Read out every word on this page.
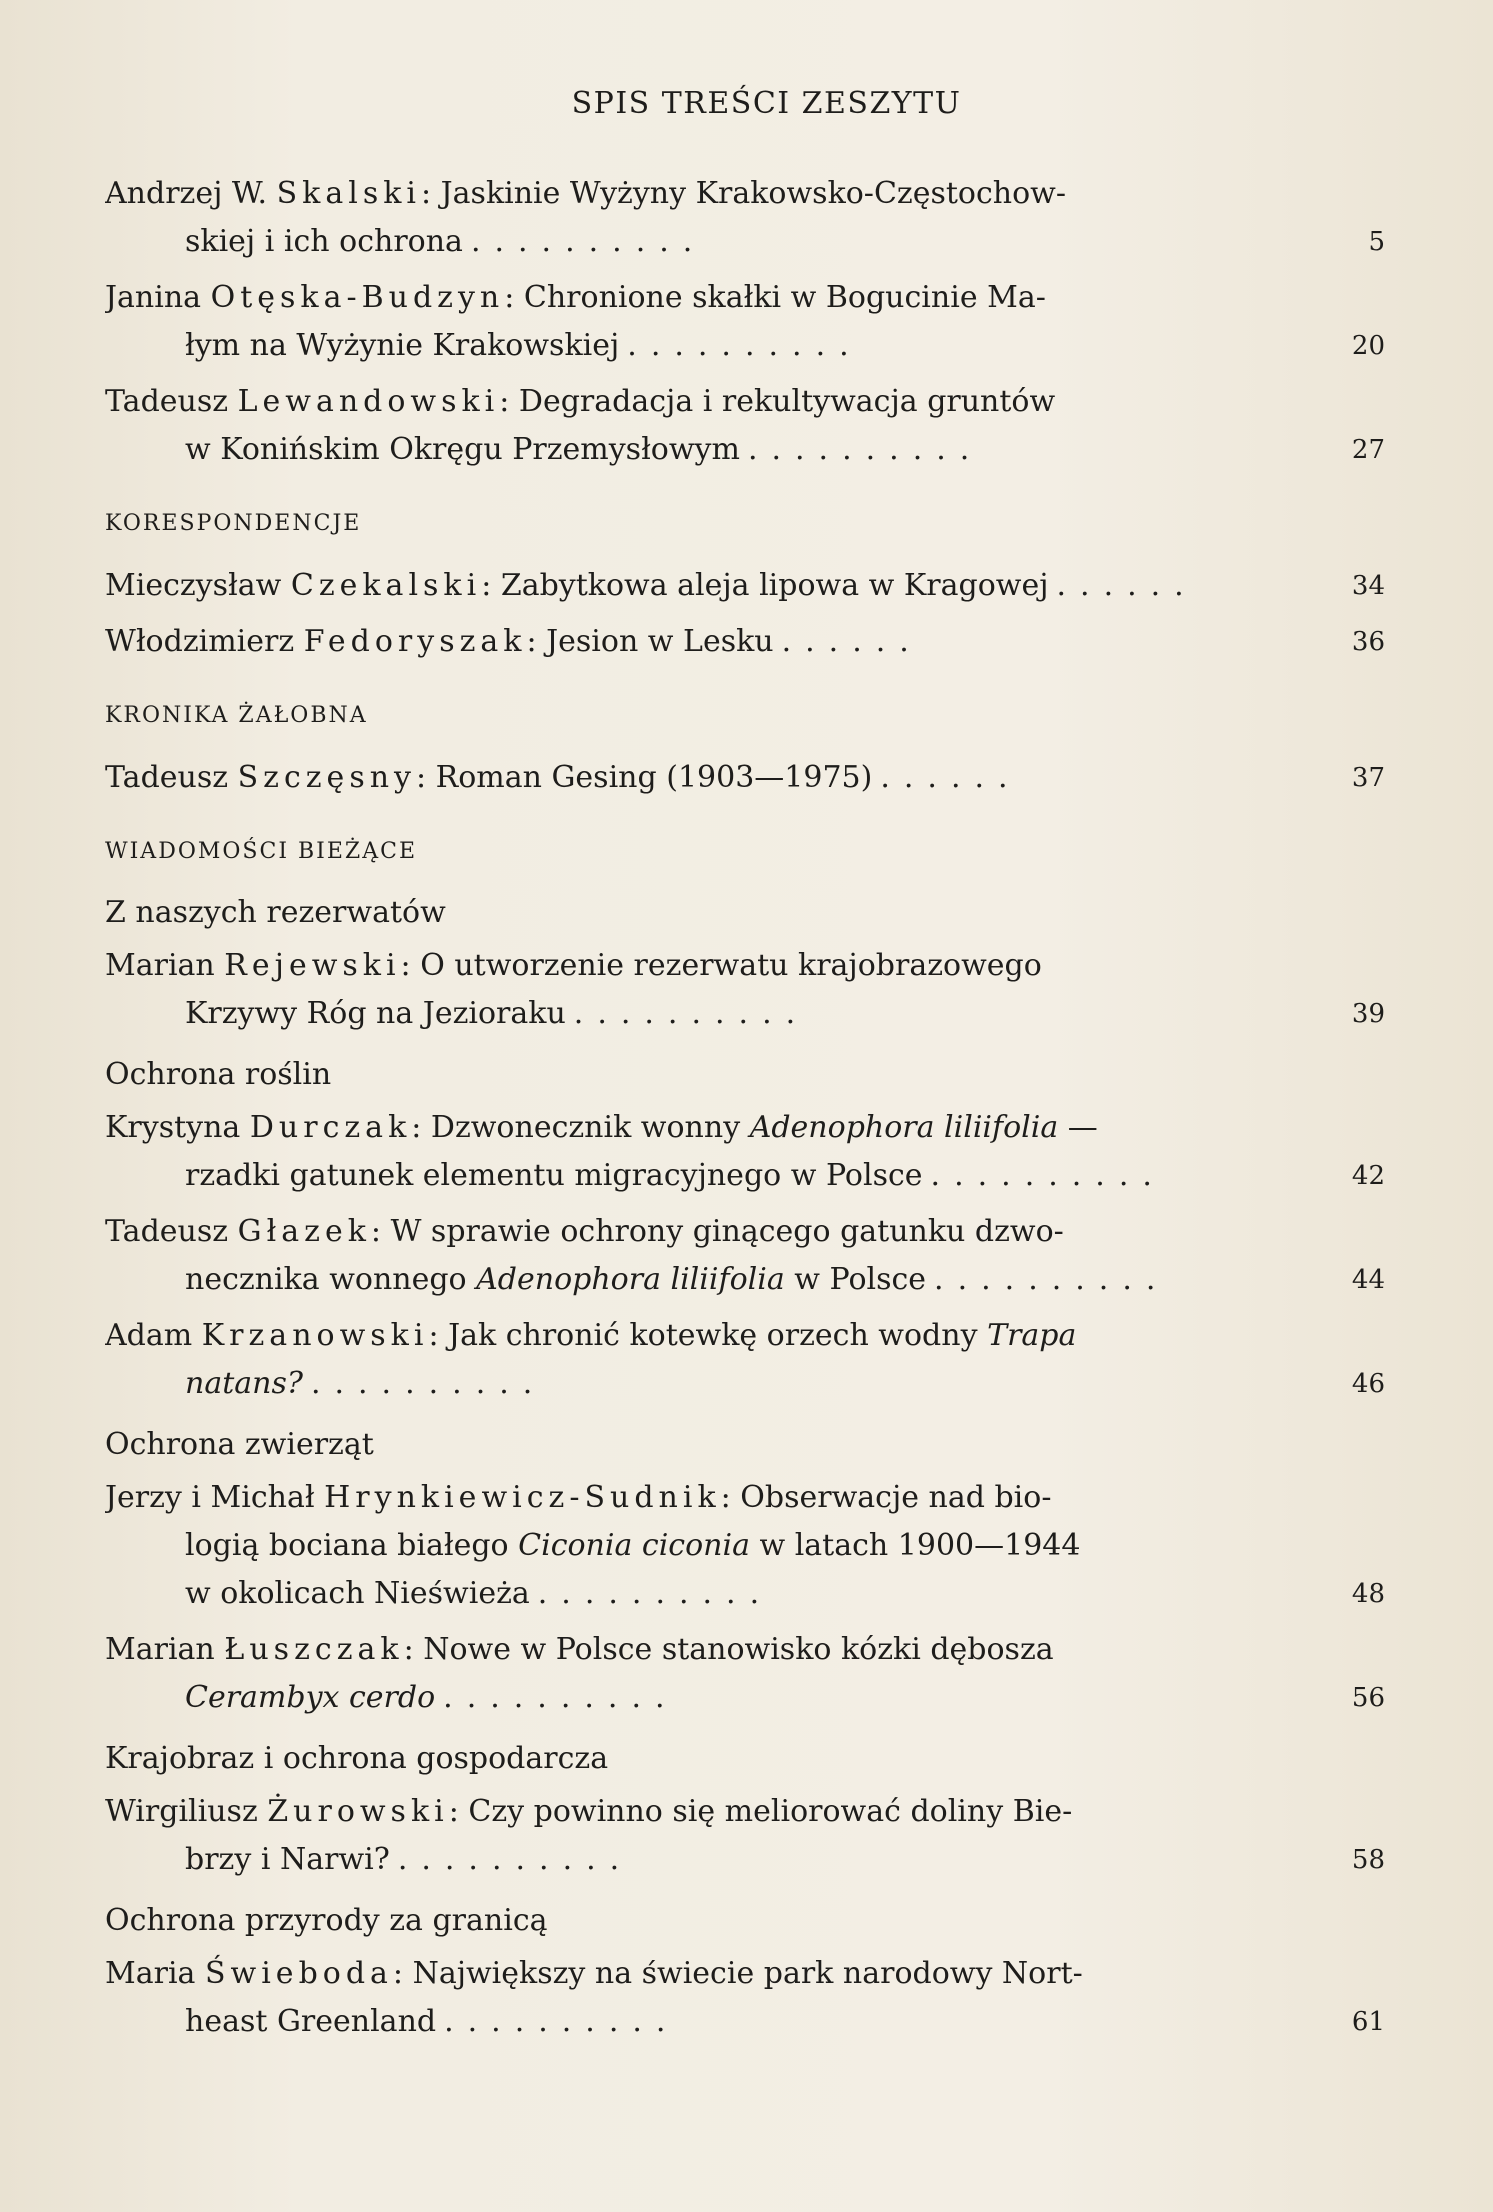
SPIS TREŚCI ZESZYTU
Andrzej W. Skalski: Jaskinie Wyżyny Krakowsko-Częstochow-
skiej i ich ochrona ..........	5
Janina Otęska-Budzyn: Chronione skałki w Bogucinie Ma-
łym na Wyżynie Krakowskiej ..........	20
Tadeusz Lewandowski: Degradacja i rekultywacja gruntów
w Konińskim Okręgu Przemysłowym ..........	27
KORESPONDENCJE
Mieczysław Czekalski: Zabytkowa aleja lipowa w Kragowej ......	34
Włodzimierz Fedoryszak: Jesion w Lesku ......	36
KRONIKA ŻAŁOBNA
Tadeusz Szczęsny: Roman Gesing (1903—1975) ......	37
WIADOMOŚCI BIEŻĄCE
Z naszych rezerwatów
Marian Rejewski: O utworzenie rezerwatu krajobrazowego
Krzywy Róg na Jezioraku ..........	39
Ochrona roślin
Krystyna Durczak: Dzwonecznik wonny Adenophora liliifolia —
rzadki gatunek elementu migracyjnego w Polsce ..........	42
Tadeusz Głazek: W sprawie ochrony ginącego gatunku dzwo-
necznika wonnego Adenophora liliifolia w Polsce ..........	44
Adam Krzanowski: Jak chronić kotewkę orzech wodny Trapa
natans? ..........	46
Ochrona zwierząt
Jerzy i Michał Hrynkiewicz-Sudnik: Obserwacje nad bio-
logią bociana białego Ciconia ciconia w latach 1900—1944
w okolicach Nieświeża ..........	48
Marian Łuszczak: Nowe w Polsce stanowisko kózki dębosza
Cerambyx cerdo ..........	56
Krajobraz i ochrona gospodarcza
Wirgiliusz Żurowski: Czy powinno się meliorować doliny Bie-
brzy i Narwi? ..........	58
Ochrona przyrody za granicą
Maria Świeboda: Największy na świecie park narodowy Nort-
heast Greenland ..........	61
